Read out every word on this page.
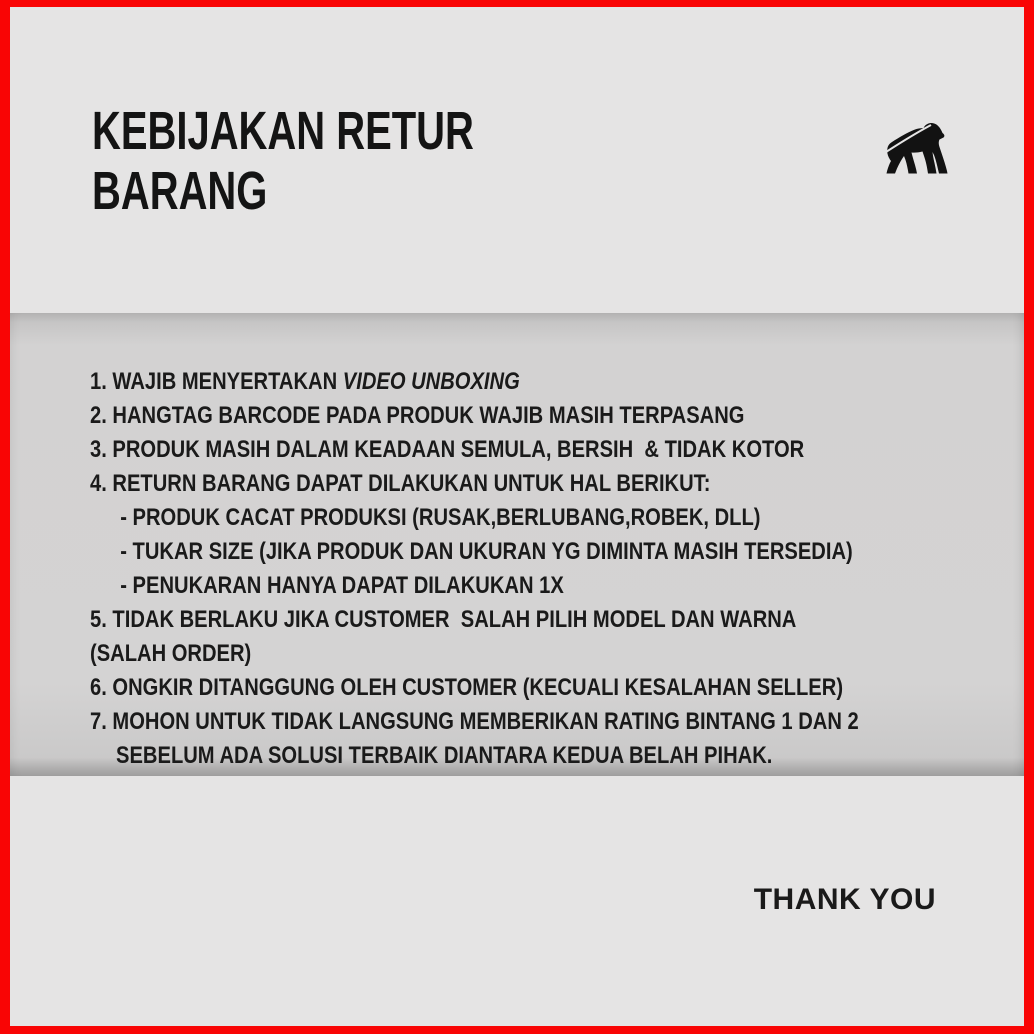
KEBIJAKAN RETUR
BARANG
1. WAJIB MENYERTAKAN VIDEO UNBOXING
2. HANGTAG BARCODE PADA PRODUK WAJIB MASIH TERPASANG
3. PRODUK MASIH DALAM KEADAAN SEMULA, BERSIH  & TIDAK KOTOR
4. RETURN BARANG DAPAT DILAKUKAN UNTUK HAL BERIKUT:
- PRODUK CACAT PRODUKSI (RUSAK,BERLUBANG,ROBEK, DLL)
- TUKAR SIZE (JIKA PRODUK DAN UKURAN YG DIMINTA MASIH TERSEDIA)
- PENUKARAN HANYA DAPAT DILAKUKAN 1X
5. TIDAK BERLAKU JIKA CUSTOMER  SALAH PILIH MODEL DAN WARNA (SALAH ORDER)
6. ONGKIR DITANGGUNG OLEH CUSTOMER (KECUALI KESALAHAN SELLER)
7. MOHON UNTUK TIDAK LANGSUNG MEMBERIKAN RATING BINTANG 1 DAN 2
SEBELUM ADA SOLUSI TERBAIK DIANTARA KEDUA BELAH PIHAK.
THANK YOU
